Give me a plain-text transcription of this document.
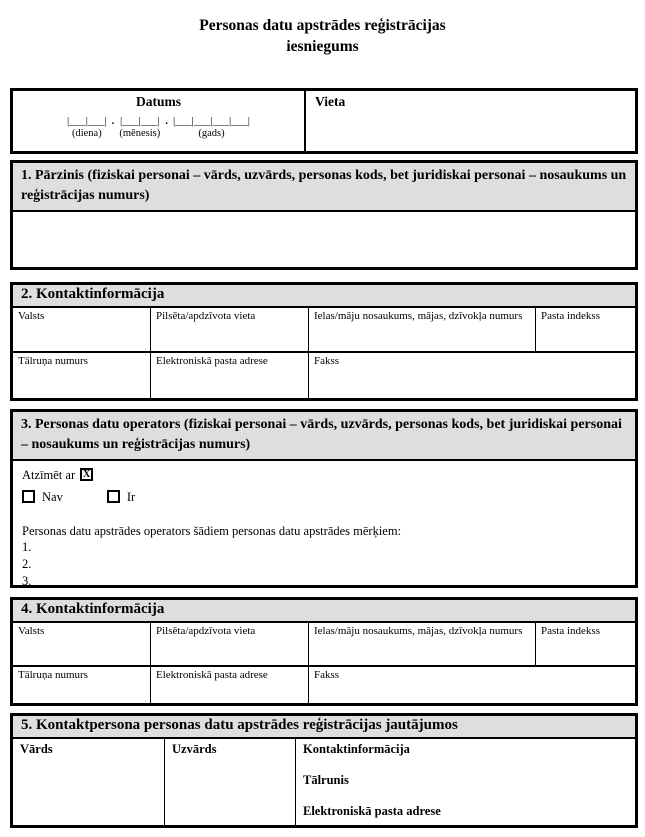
Personas datu apstrādes reģistrācijas
iesniegums
Datums
|___|___|
(diena)
. |___|___|
(mēnesis)
. |___|___|___|___|
(gads)
Vieta
1. Pārzinis (fiziskai personai – vārds, uzvārds, personas kods, bet juridiskai personai – nosaukums un reģistrācijas numurs)
2. Kontaktinformācija
Valsts	Pilsēta/apdzīvota vieta	Ielas/māju nosaukums, mājas, dzīvokļa numurs	Pasta indekss
Tālruņa numurs	Elektroniskā pasta adrese	Fakss
3. Personas datu operators (fiziskai personai – vārds, uzvārds, personas kods, bet juridiskai personai – nosaukums un reģistrācijas numurs)
Atzīmēt ar X
Nav	Ir
Personas datu apstrādes operators šādiem personas datu apstrādes mērķiem:
1.
2.
3.
4. Kontaktinformācija
Valsts	Pilsēta/apdzīvota vieta	Ielas/māju nosaukums, mājas, dzīvokļa numurs	Pasta indekss
Tālruņa numurs	Elektroniskā pasta adrese	Fakss
5. Kontaktpersona personas datu apstrādes reģistrācijas jautājumos
Vārds	Uzvārds	Kontaktinformācija
Tālrunis
Elektroniskā pasta adrese
